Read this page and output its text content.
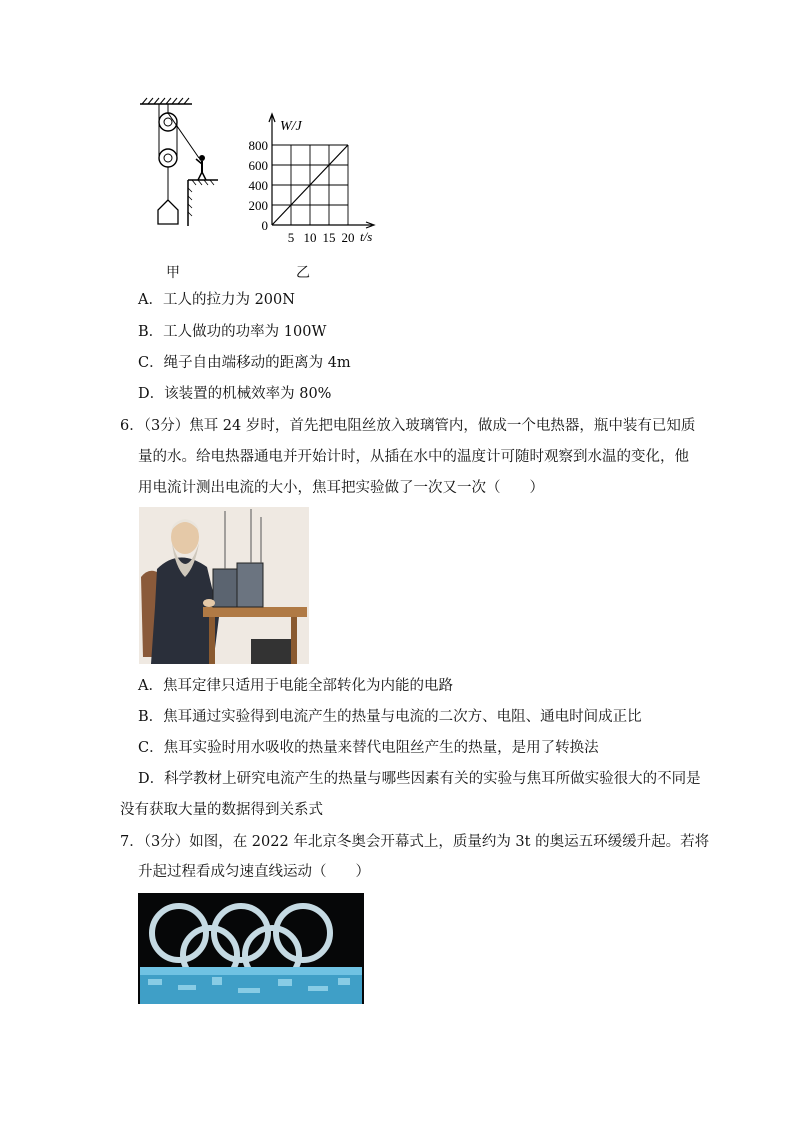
W/J
t/s
800
600
400
200
0
5 10 15 20
甲	乙
A．工人的拉力为 200N
B．工人做功的功率为 100W
C．绳子自由端移动的距离为 4m
D．该装置的机械效率为 80%
6．（3分）焦耳 24 岁时，首先把电阻丝放入玻璃管内，做成一个电热器，瓶中装有已知质
量的水。给电热器通电并开始计时，从插在水中的温度计可随时观察到水温的变化，他
用电流计测出电流的大小，焦耳把实验做了一次又一次（　　）
A．焦耳定律只适用于电能全部转化为内能的电路
B．焦耳通过实验得到电流产生的热量与电流的二次方、电阻、通电时间成正比
C．焦耳实验时用水吸收的热量来替代电阻丝产生的热量，是用了转换法
D．科学教材上研究电流产生的热量与哪些因素有关的实验与焦耳所做实验很大的不同是
没有获取大量的数据得到关系式
7．（3分）如图，在 2022 年北京冬奥会开幕式上，质量约为 3t 的奥运五环缓缓升起。若将
升起过程看成匀速直线运动（　　）
